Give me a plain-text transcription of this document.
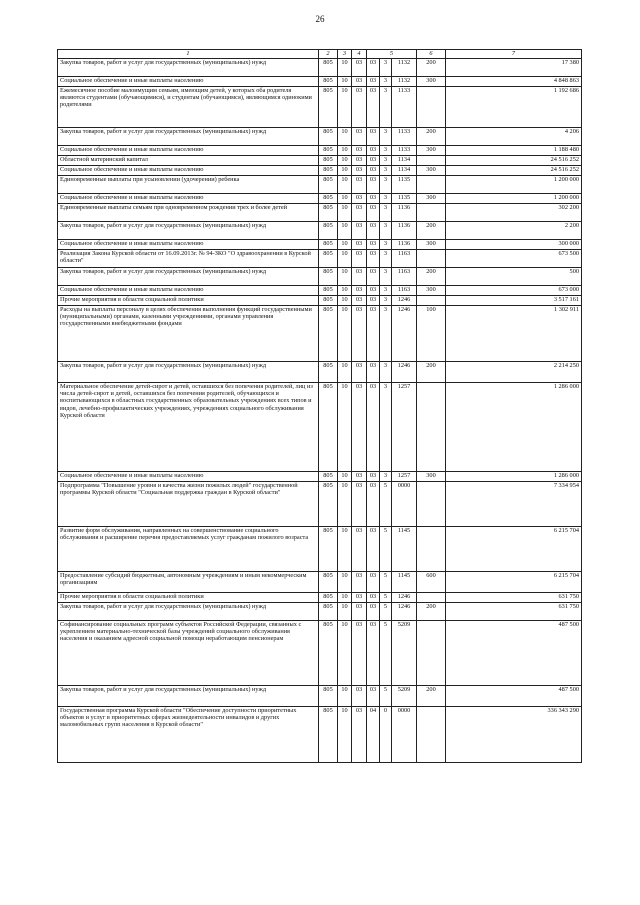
26
1	2	3	4	5			6	7
Закупка товаров, работ и услуг для государственных (муниципальных) нужд	805	10	03	03	3	1132	200	17 380
Социальное обеспечение и иные выплаты населению	805	10	03	03	3	1132	300	4 848 863
Ежемесячное пособие малоимущим семьям, имеющим детей, у которых оба родителя являются студентами (обучающимися), и студентам (обучающимся), являющимся одинокими родителями	805	10	03	03	3	1133		1 192 686
Закупка товаров, работ и услуг для государственных (муниципальных) нужд	805	10	03	03	3	1133	200	4 206
Социальное обеспечение и иные выплаты населению	805	10	03	03	3	1133	300	1 188 480
Областной материнский капитал	805	10	03	03	3	1134		24 516 252
Социальное обеспечение и иные выплаты населению	805	10	03	03	3	1134	300	24 516 252
Единовременные выплаты при усыновлении (удочерении) ребенка	805	10	03	03	3	1135		1 200 000
Социальное обеспечение и иные выплаты населению	805	10	03	03	3	1135	300	1 200 000
Единовременные выплаты семьям при одновременном рождении трех и более детей	805	10	03	03	3	1136		302 200
Закупка товаров, работ и услуг для государственных (муниципальных) нужд	805	10	03	03	3	1136	200	2 200
Социальное обеспечение и иные выплаты населению	805	10	03	03	3	1136	300	300 000
Реализация Закона Курской области от 16.09.2013г. № 94-ЗКО "О здравоохранении в Курской области"	805	10	03	03	3	1163		673 500
Закупка товаров, работ и услуг для государственных (муниципальных) нужд	805	10	03	03	3	1163	200	500
Социальное обеспечение и иные выплаты населению	805	10	03	03	3	1163	300	673 000
Прочие мероприятия в области социальной политики	805	10	03	03	3	1246		3 517 161
Расходы на выплаты персоналу в целях обеспечения выполнения функций государственными (муниципальными) органами, казенными учреждениями, органами управления государственными внебюджетными фондами	805	10	03	03	3	1246	100	1 302 911
Закупка товаров, работ и услуг для государственных (муниципальных) нужд	805	10	03	03	3	1246	200	2 214 250
Материальное обеспечение детей-сирот и детей, оставшихся без попечения родителей, лиц из числа детей-сирот и детей, оставшихся без попечения родителей, обучающихся и воспитывающихся в областных государственных образовательных учреждениях всех типов и видов, лечебно-профилактических учреждениях, учреждениях социального обслуживания Курской области	805	10	03	03	3	1257		1 286 000
Социальное обеспечение и иные выплаты населению	805	10	03	03	3	1257	300	1 286 000
Подпрограмма "Повышение уровня и качества жизни пожилых людей" государственной программы Курской области "Социальная поддержка граждан в Курской области"	805	10	03	03	5	0000		7 334 954
Развитие форм обслуживания, направленных на совершенствование социального обслуживания и расширение перечня предоставляемых услуг гражданам пожилого возраста	805	10	03	03	5	1145		6 215 704
Предоставление субсидий бюджетным, автономным учреждениям и иным некоммерческим организациям	805	10	03	03	5	1145	600	6 215 704
Прочие мероприятия в области социальной политики	805	10	03	03	5	1246		631 750
Закупка товаров, работ и услуг для государственных (муниципальных) нужд	805	10	03	03	5	1246	200	631 750
Софинансирование социальных программ субъектов Российской Федерации, связанных с укреплением материально-технической базы учреждений социального обслуживания населения и оказанием адресной социальной помощи неработающим пенсионерам	805	10	03	03	5	5209		487 500
Закупка товаров, работ и услуг для государственных (муниципальных) нужд	805	10	03	03	5	5209	200	487 500
Государственная программа Курской области "Обеспечение доступности приоритетных объектов и услуг в приоритетных сферах жизнедеятельности инвалидов и других маломобильных групп населения в Курской области"	805	10	03	04	0	0000		336 343 290
